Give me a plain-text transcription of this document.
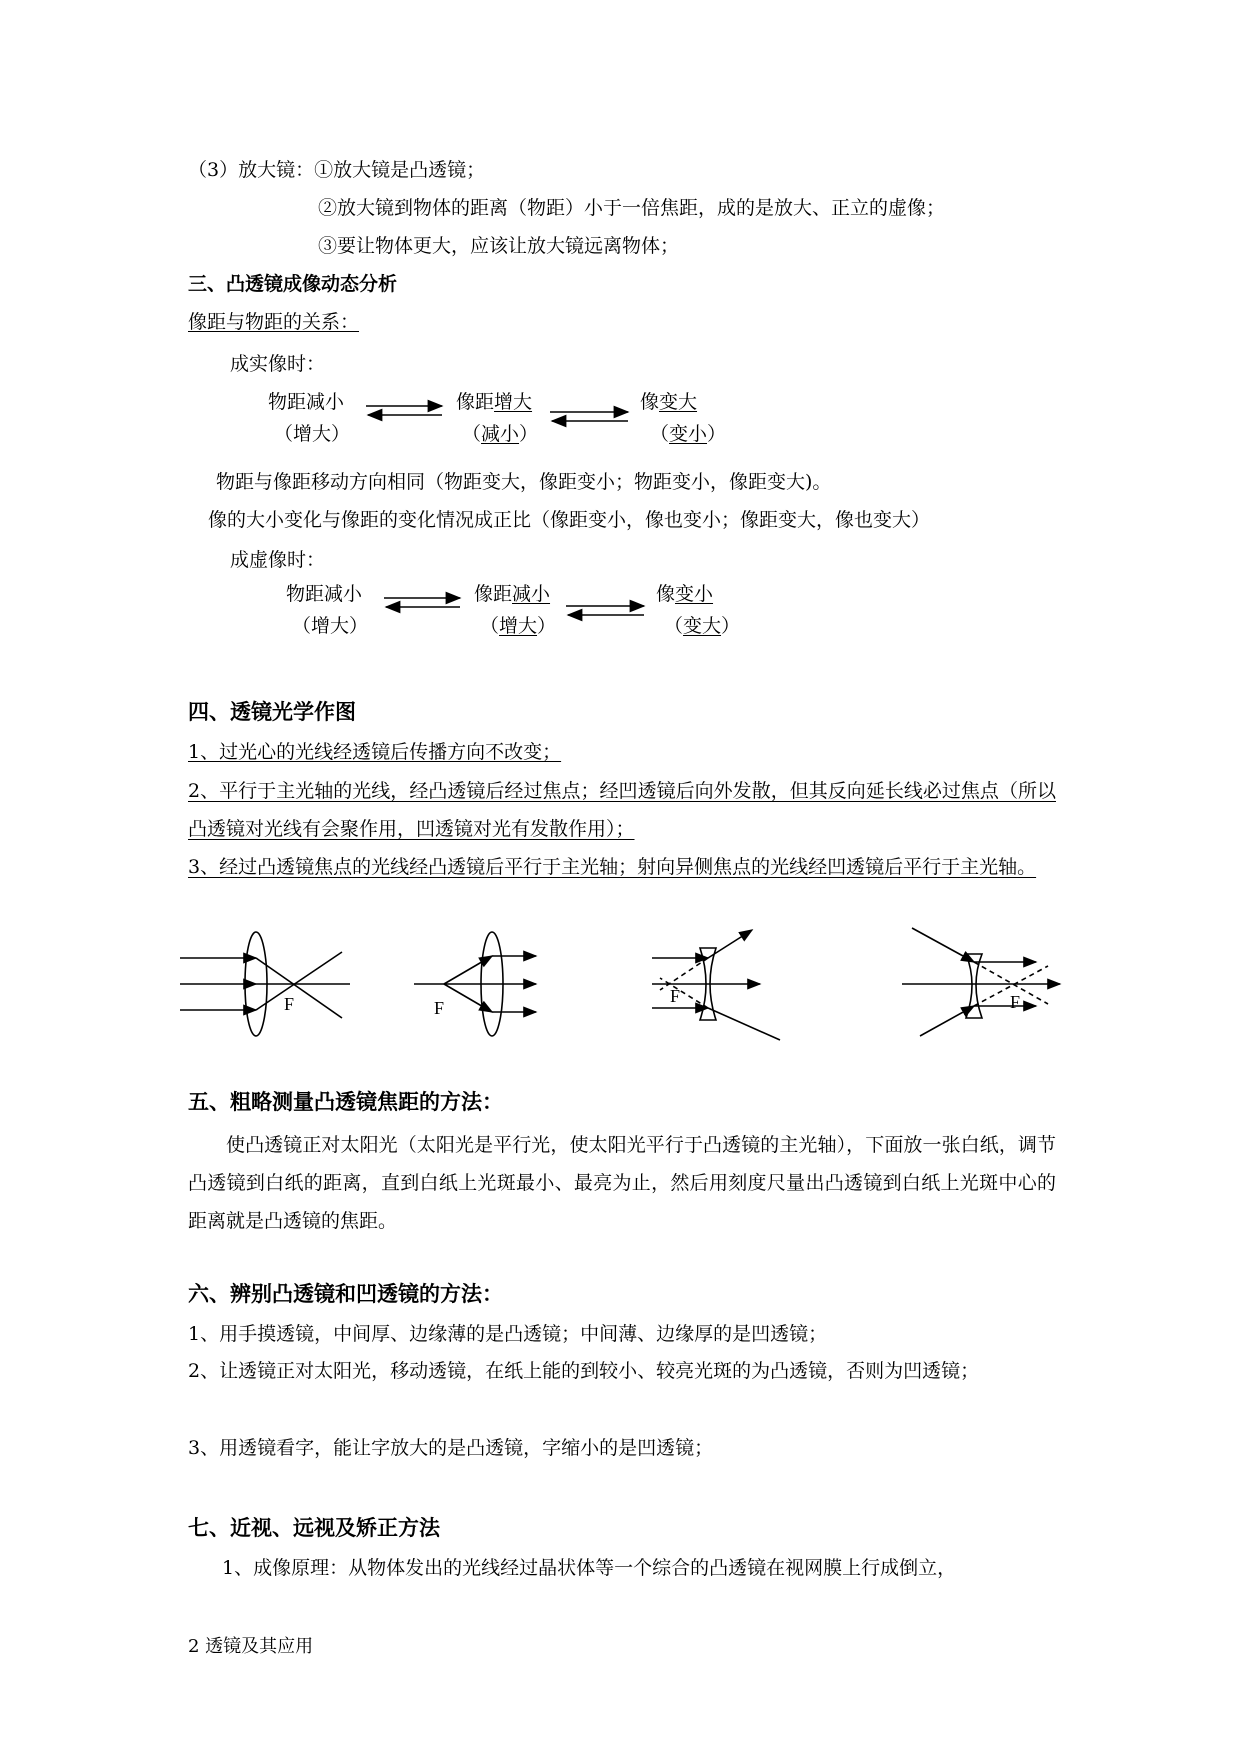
（3）放大镜：①放大镜是凸透镜；
②放大镜到物体的距离（物距）小于一倍焦距，成的是放大、正立的虚像；
③要让物体更大，应该让放大镜远离物体；
三、凸透镜成像动态分析
像距与物距的关系：
成实像时：
物距减小
（增大）
像距增大
（减小）
像变大
（变小）
物距与像距移动方向相同（物距变大，像距变小；物距变小，像距变大)。
像的大小变化与像距的变化情况成正比（像距变小，像也变小；像距变大，像也变大）
成虚像时：
物距减小
（增大）
像距减小
（增大）
像变小
（变大）
四、透镜光学作图
1、过光心的光线经透镜后传播方向不改变；
2、平行于主光轴的光线，经凸透镜后经过焦点；经凹透镜后向外发散，但其反向延长线必过焦点（所以凸透镜对光线有会聚作用，凹透镜对光有发散作用）；
3、经过凸透镜焦点的光线经凸透镜后平行于主光轴；射向异侧焦点的光线经凹透镜后平行于主光轴。
F	F
F	F
五、粗略测量凸透镜焦距的方法：
使凸透镜正对太阳光（太阳光是平行光，使太阳光平行于凸透镜的主光轴），下面放一张白纸，调节凸透镜到白纸的距离，直到白纸上光斑最小、最亮为止，然后用刻度尺量出凸透镜到白纸上光斑中心的距离就是凸透镜的焦距。
六、辨别凸透镜和凹透镜的方法：
1、用手摸透镜，中间厚、边缘薄的是凸透镜；中间薄、边缘厚的是凹透镜；
2、让透镜正对太阳光，移动透镜，在纸上能的到较小、较亮光斑的为凸透镜，否则为凹透镜；
3、用透镜看字，能让字放大的是凸透镜，字缩小的是凹透镜；
七、近视、远视及矫正方法
1、成像原理：从物体发出的光线经过晶状体等一个综合的凸透镜在视网膜上行成倒立，
2 透镜及其应用
